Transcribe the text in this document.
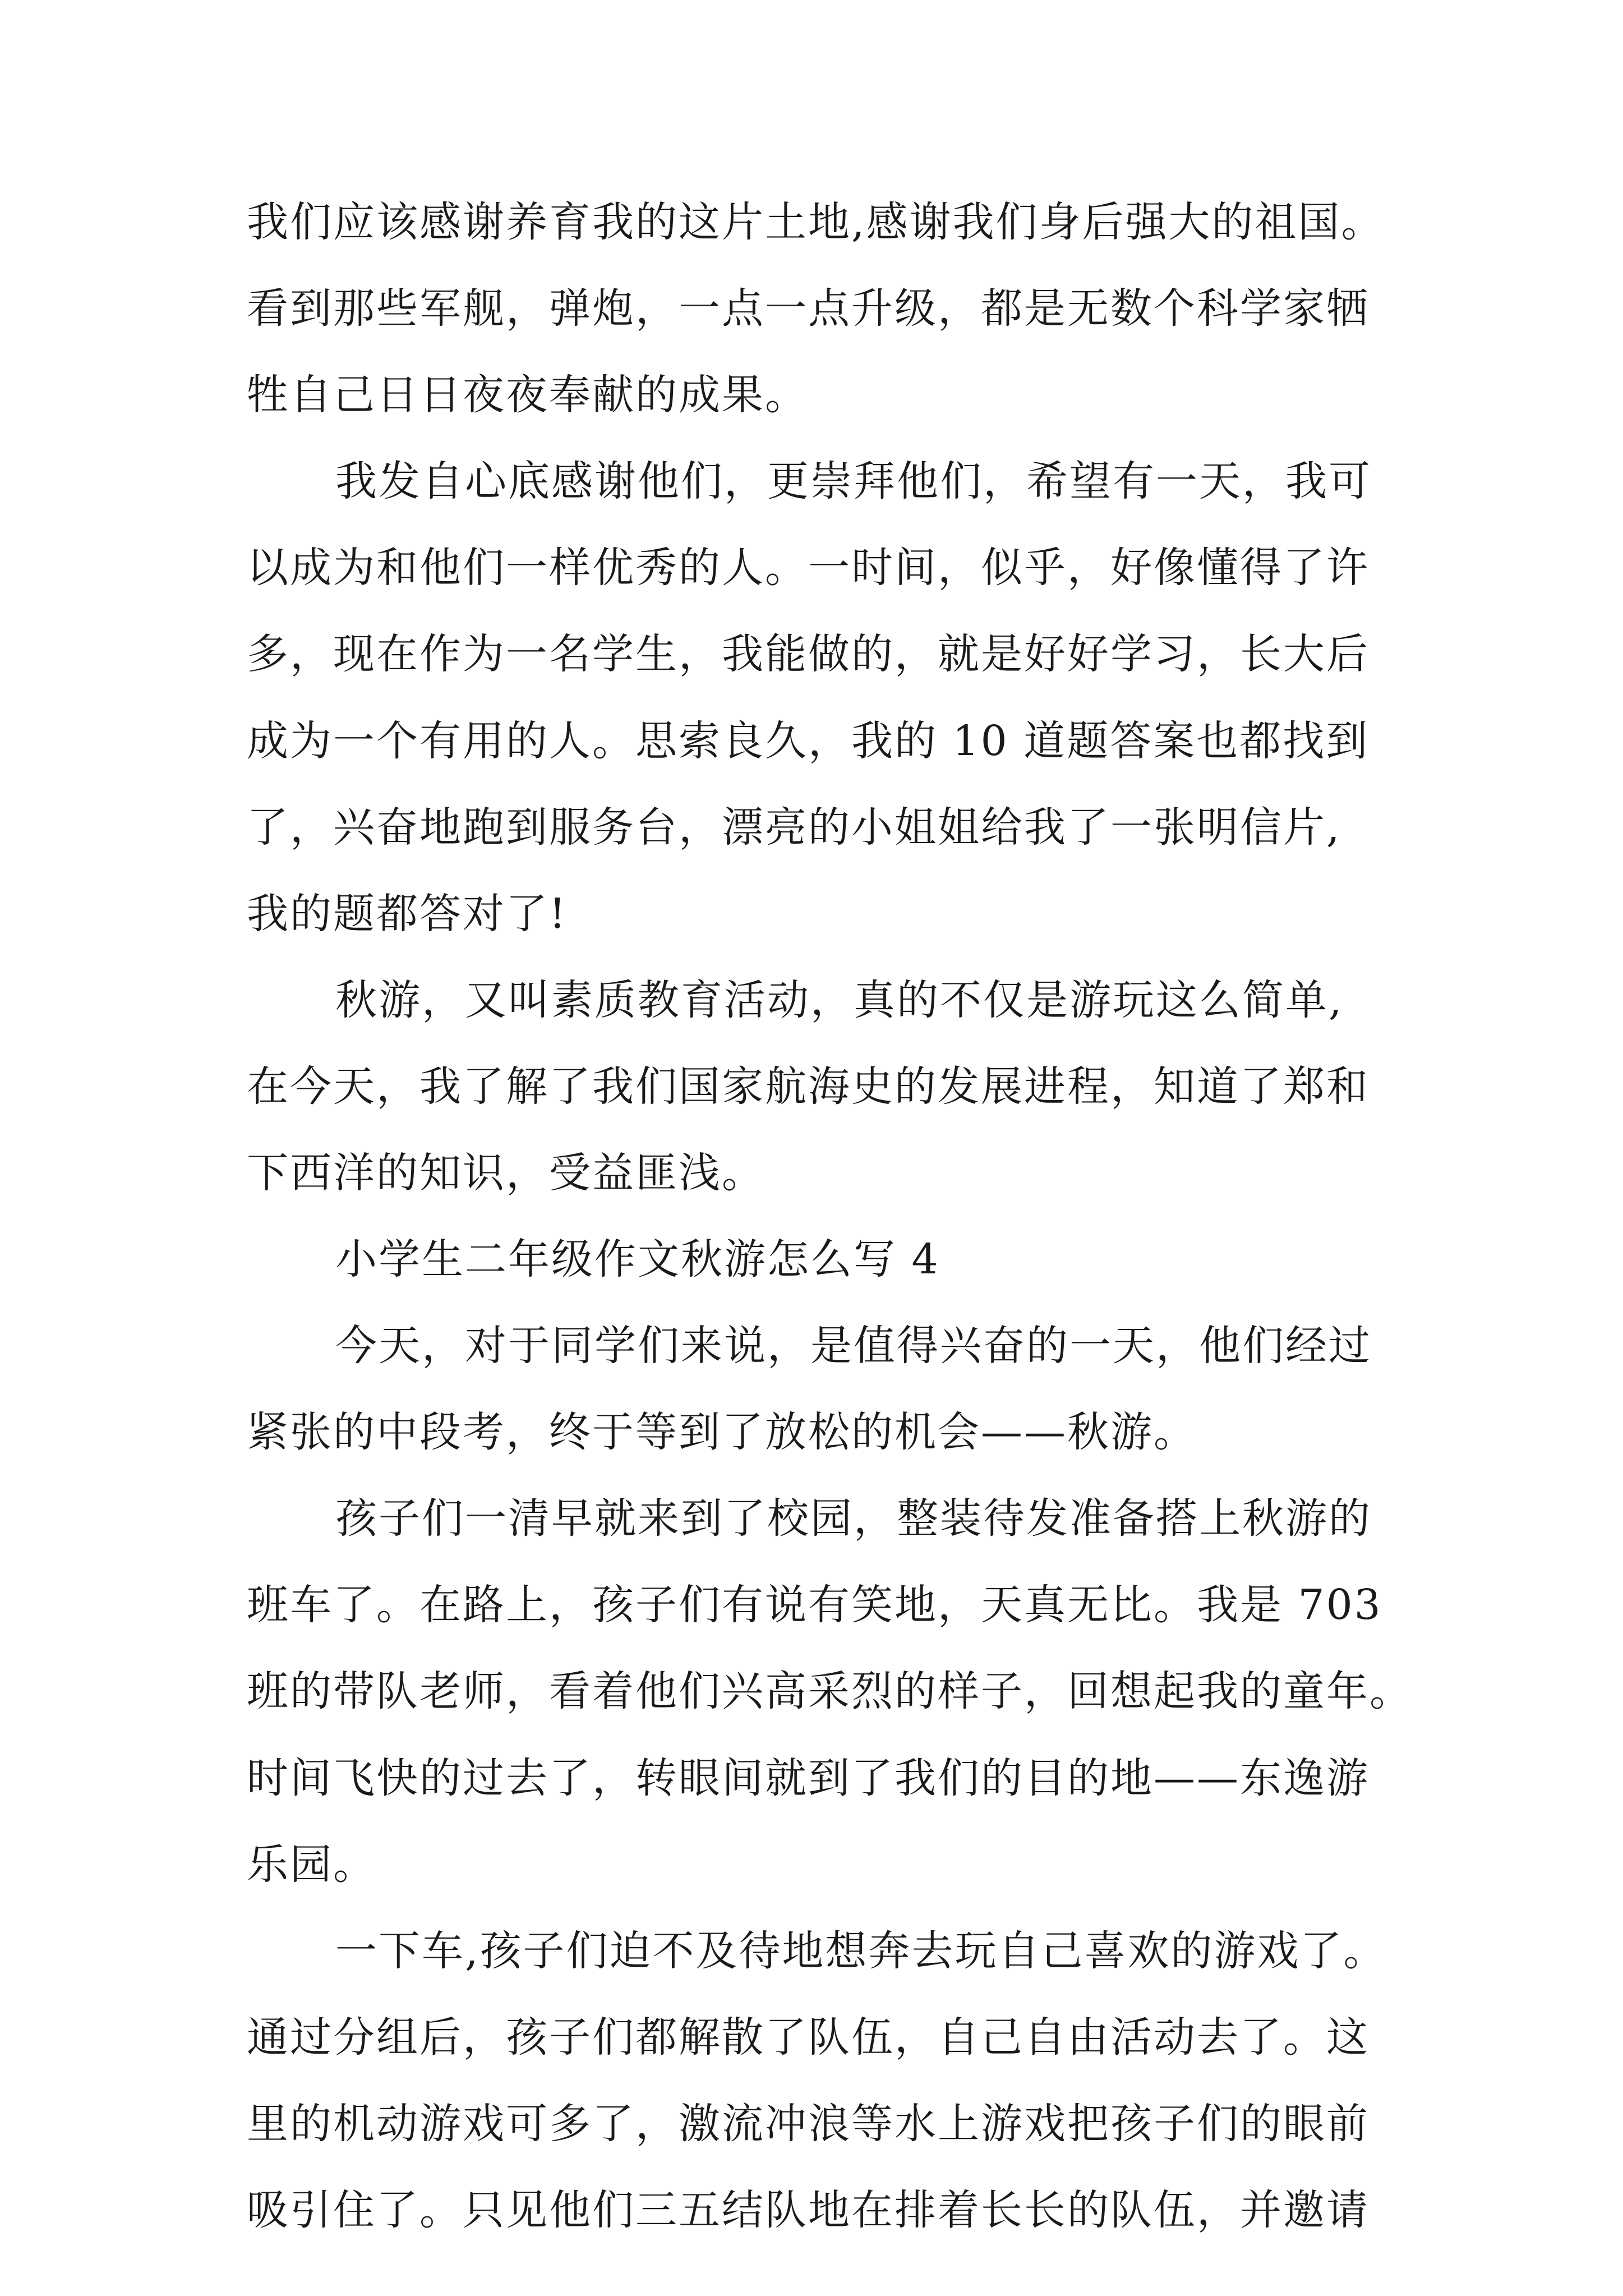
我们应该感谢养育我的这片土地,感谢我们身后强大的祖国。

看到那些军舰，弹炮，一点一点升级，都是无数个科学家牺

牲自己日日夜夜奉献的成果。

我发自心底感谢他们，更崇拜他们，希望有一天，我可

以成为和他们一样优秀的人。一时间，似乎，好像懂得了许

多，现在作为一名学生，我能做的，就是好好学习，长大后

成为一个有用的人。思索良久，我的 10 道题答案也都找到

了，兴奋地跑到服务台，漂亮的小姐姐给我了一张明信片,

我的题都答对了!

秋游，又叫素质教育活动，真的不仅是游玩这么简单,

在今天，我了解了我们国家航海史的发展进程，知道了郑和

下西洋的知识，受益匪浅。

小学生二年级作文秋游怎么写 4

今天，对于同学们来说，是值得兴奋的一天，他们经过

紧张的中段考，终于等到了放松的机会——秋游。

孩子们一清早就来到了校园，整装待发准备搭上秋游的

班车了。在路上，孩子们有说有笑地，天真无比。我是 703

班的带队老师，看着他们兴高采烈的样子，回想起我的童年。

时间飞快的过去了，转眼间就到了我们的目的地——东逸游

乐园。

一下车,孩子们迫不及待地想奔去玩自己喜欢的游戏了。

通过分组后，孩子们都解散了队伍，自己自由活动去了。这

里的机动游戏可多了，激流冲浪等水上游戏把孩子们的眼前

吸引住了。只见他们三五结队地在排着长长的队伍，并邀请
